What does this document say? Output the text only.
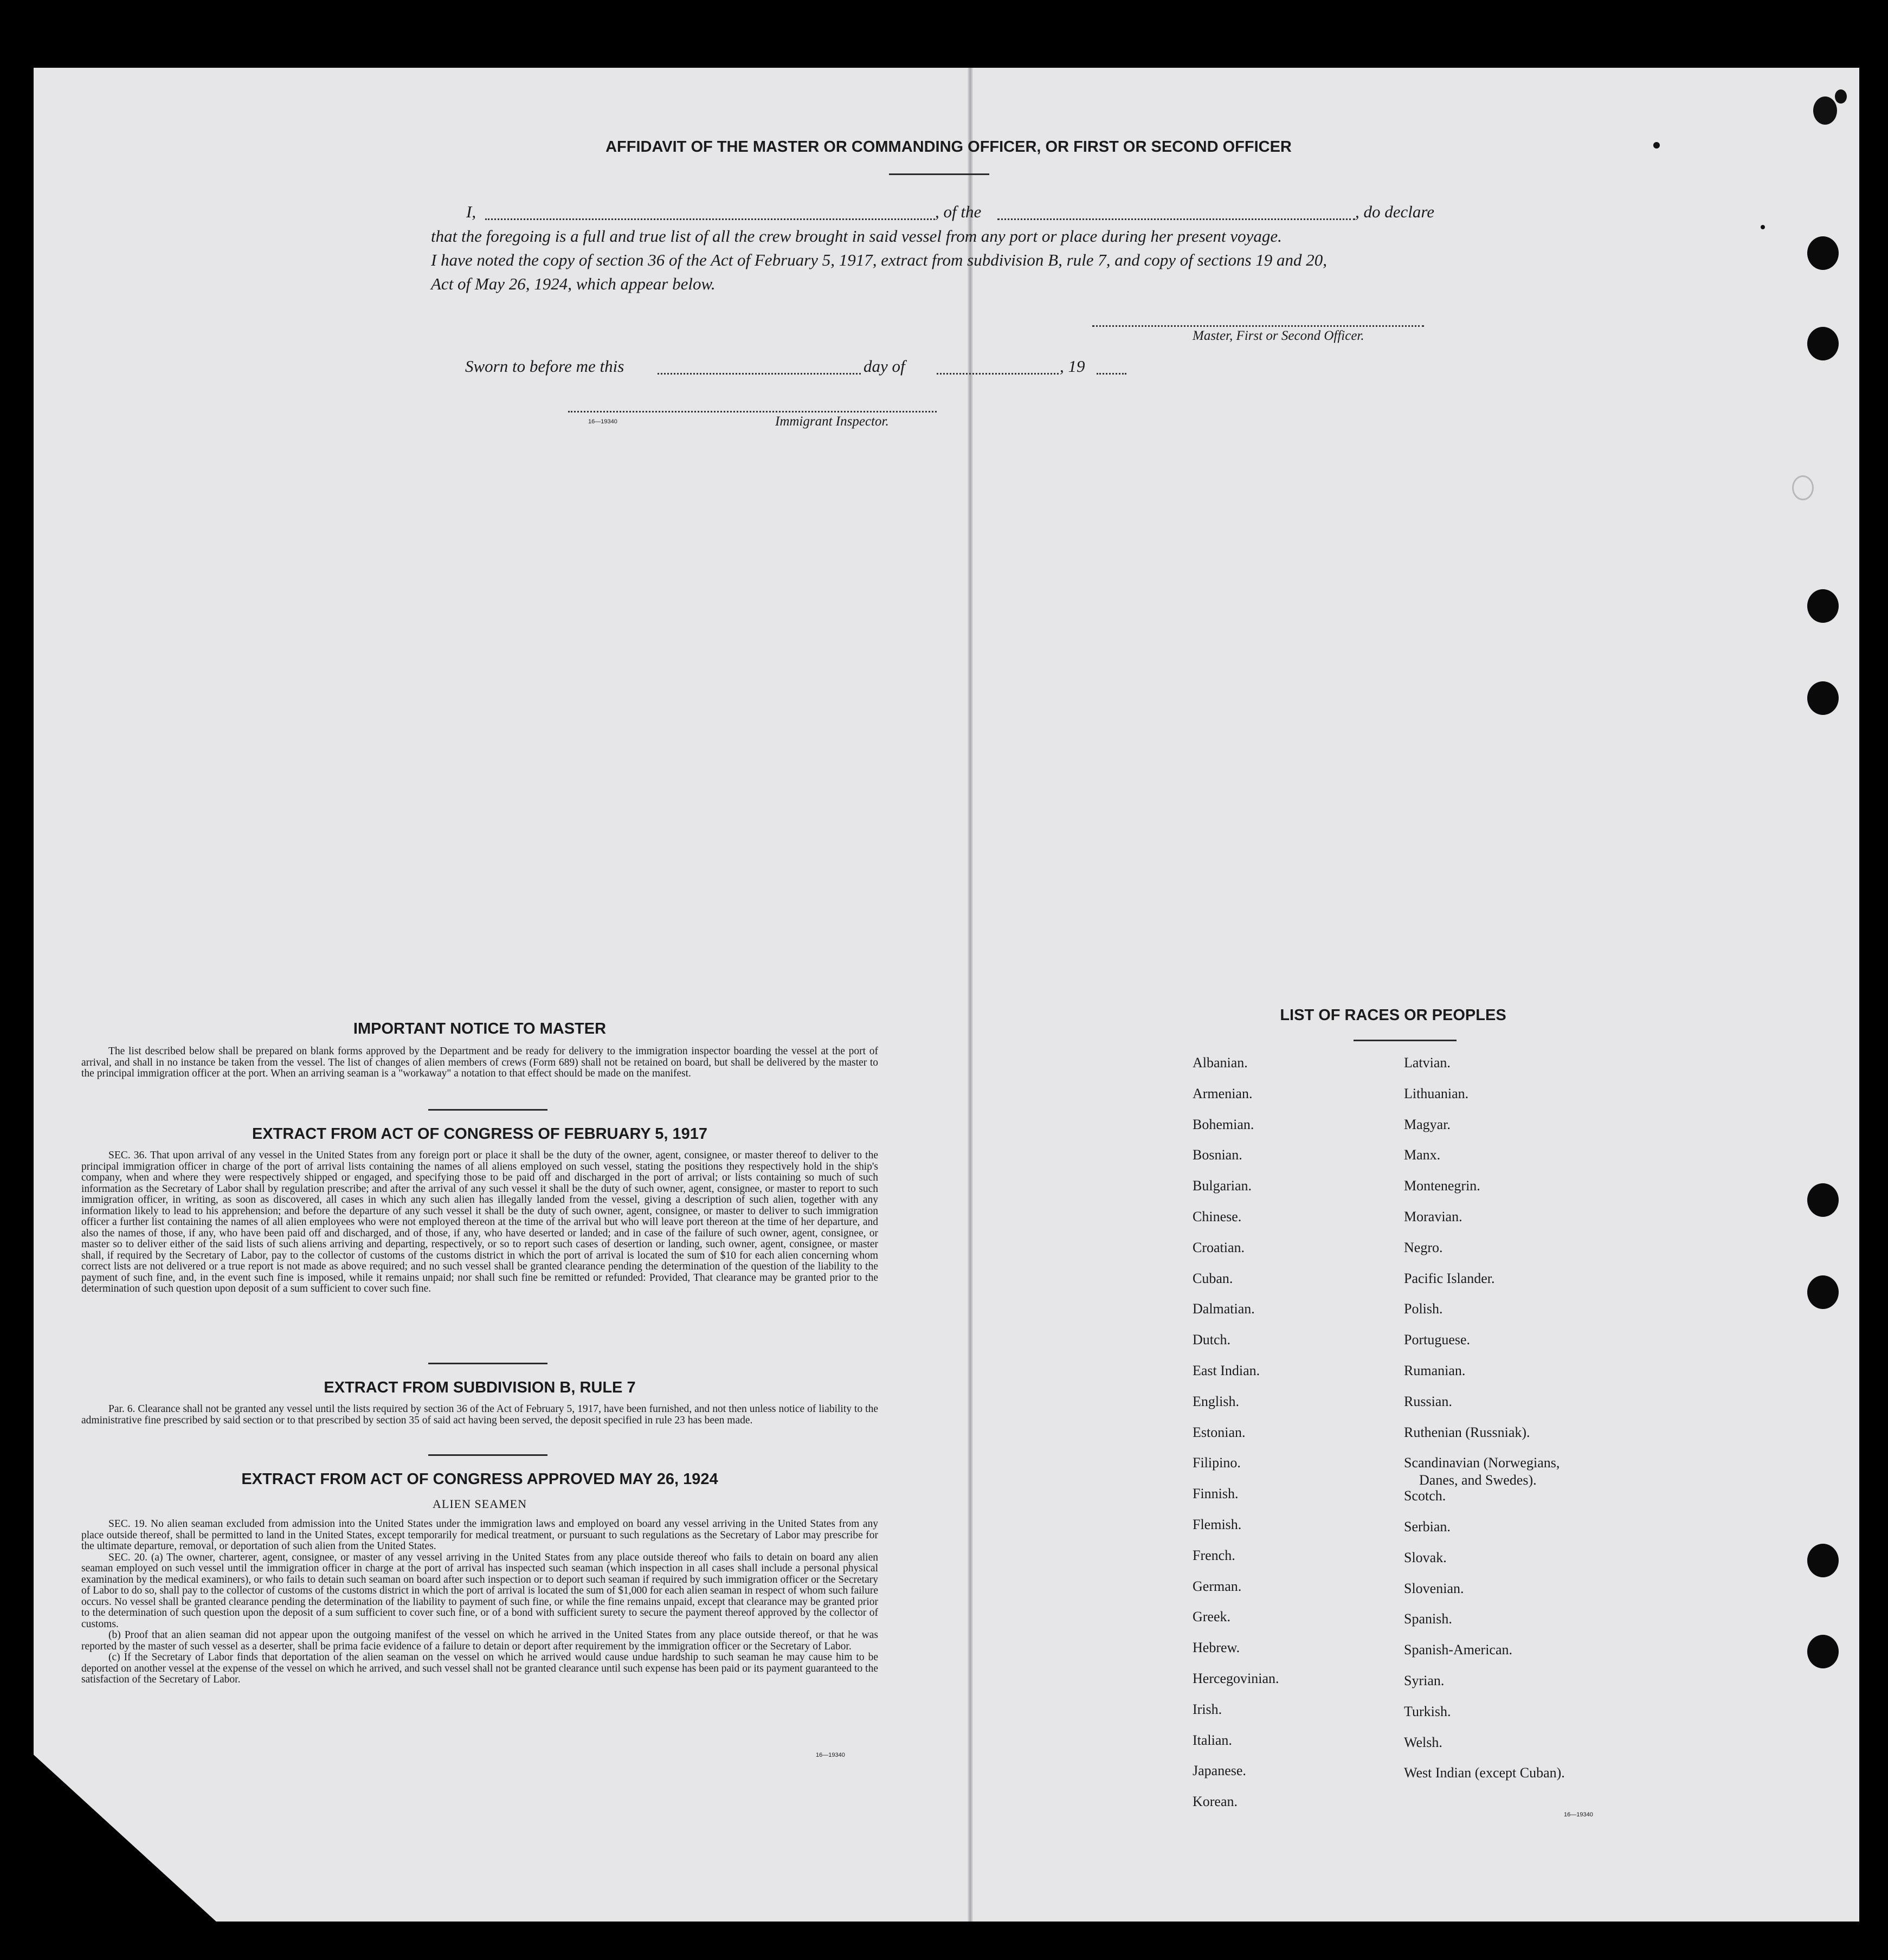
AFFIDAVIT OF THE MASTER OR COMMANDING OFFICER, OR FIRST OR SECOND OFFICER
I,	, of the	, do declare
that the foregoing is a full and true list of all the crew brought in said vessel from any port or place during her present voyage.
I have noted the copy of section 36 of the Act of February 5, 1917, extract from subdivision B, rule 7, and copy of sections 19 and 20,
Act of May 26, 1924, which appear below.
Master, First or Second Officer.
Sworn to before me this	day of	, 19
16—19340	Immigrant Inspector.
IMPORTANT NOTICE TO MASTER

The list described below shall be prepared on blank forms approved by the Department and be ready for delivery to the immigration inspector boarding the vessel at the port of arrival, and shall in no instance be taken from the vessel. The list of changes of alien members of crews (Form 689) shall not be retained on board, but shall be delivered by the master to the principal immigration officer at the port. When an arriving seaman is a "workaway" a notation to that effect should be made on the manifest.

EXTRACT FROM ACT OF CONGRESS OF FEBRUARY 5, 1917

SEC. 36. That upon arrival of any vessel in the United States from any foreign port or place it shall be the duty of the owner, agent, consignee, or master thereof to deliver to the principal immigration officer in charge of the port of arrival lists containing the names of all aliens employed on such vessel, stating the positions they respectively hold in the ship's company, when and where they were respectively shipped or engaged, and specifying those to be paid off and discharged in the port of arrival; or lists containing so much of such information as the Secretary of Labor shall by regulation prescribe; and after the arrival of any such vessel it shall be the duty of such owner, agent, consignee, or master to report to such immigration officer, in writing, as soon as discovered, all cases in which any such alien has illegally landed from the vessel, giving a description of such alien, together with any information likely to lead to his apprehension; and before the departure of any such vessel it shall be the duty of such owner, agent, consignee, or master to deliver to such immigration officer a further list containing the names of all alien employees who were not employed thereon at the time of the arrival but who will leave port thereon at the time of her departure, and also the names of those, if any, who have been paid off and discharged, and of those, if any, who have deserted or landed; and in case of the failure of such owner, agent, consignee, or master so to deliver either of the said lists of such aliens arriving and departing, respectively, or so to report such cases of desertion or landing, such owner, agent, consignee, or master shall, if required by the Secretary of Labor, pay to the collector of customs of the customs district in which the port of arrival is located the sum of $10 for each alien concerning whom correct lists are not delivered or a true report is not made as above required; and no such vessel shall be granted clearance pending the determination of the question of the liability to the payment of such fine, and, in the event such fine is imposed, while it remains unpaid; nor shall such fine be remitted or refunded: Provided, That clearance may be granted prior to the determination of such question upon deposit of a sum sufficient to cover such fine.

EXTRACT FROM SUBDIVISION B, RULE 7

Par. 6. Clearance shall not be granted any vessel until the lists required by section 36 of the Act of February 5, 1917, have been furnished, and not then unless notice of liability to the administrative fine prescribed by said section or to that prescribed by section 35 of said act having been served, the deposit specified in rule 23 has been made.

EXTRACT FROM ACT OF CONGRESS APPROVED MAY 26, 1924
ALIEN SEAMEN

SEC. 19. No alien seaman excluded from admission into the United States under the immigration laws and employed on board any vessel arriving in the United States from any place outside thereof, shall be permitted to land in the United States, except temporarily for medical treatment, or pursuant to such regulations as the Secretary of Labor may prescribe for the ultimate departure, removal, or deportation of such alien from the United States.

SEC. 20. (a) The owner, charterer, agent, consignee, or master of any vessel arriving in the United States from any place outside thereof who fails to detain on board any alien seaman employed on such vessel until the immigration officer in charge at the port of arrival has inspected such seaman (which inspection in all cases shall include a personal physical examination by the medical examiners), or who fails to detain such seaman on board after such inspection or to deport such seaman if required by such immigration officer or the Secretary of Labor to do so, shall pay to the collector of customs of the customs district in which the port of arrival is located the sum of $1,000 for each alien seaman in respect of whom such failure occurs. No vessel shall be granted clearance pending the determination of the liability to payment of such fine, or while the fine remains unpaid, except that clearance may be granted prior to the determination of such question upon the deposit of a sum sufficient to cover such fine, or of a bond with sufficient surety to secure the payment thereof approved by the collector of customs.

(b) Proof that an alien seaman did not appear upon the outgoing manifest of the vessel on which he arrived in the United States from any place outside thereof, or that he was reported by the master of such vessel as a deserter, shall be prima facie evidence of a failure to detain or deport after requirement by the immigration officer or the Secretary of Labor.

(c) If the Secretary of Labor finds that deportation of the alien seaman on the vessel on which he arrived would cause undue hardship to such seaman he may cause him to be deported on another vessel at the expense of the vessel on which he arrived, and such vessel shall not be granted clearance until such expense has been paid or its payment guaranteed to the satisfaction of the Secretary of Labor.

16—19340
LIST OF RACES OR PEOPLES
Albanian.
Armenian.
Bohemian.
Bosnian.
Bulgarian.
Chinese.
Croatian.
Cuban.
Dalmatian.
Dutch.
East Indian.
English.
Estonian.
Filipino.
Finnish.
Flemish.
French.
German.
Greek.
Hebrew.
Hercegovinian.
Irish.
Italian.
Japanese.
Korean.
Latvian.
Lithuanian.
Magyar.
Manx.
Montenegrin.
Moravian.
Negro.
Pacific Islander.
Polish.
Portuguese.
Rumanian.
Russian.
Ruthenian (Russniak).
Scandinavian (Norwegians,
Danes, and Swedes).
Scotch.
Serbian.
Slovak.
Slovenian.
Spanish.
Spanish-American.
Syrian.
Turkish.
Welsh.
West Indian (except Cuban).
16—19340
